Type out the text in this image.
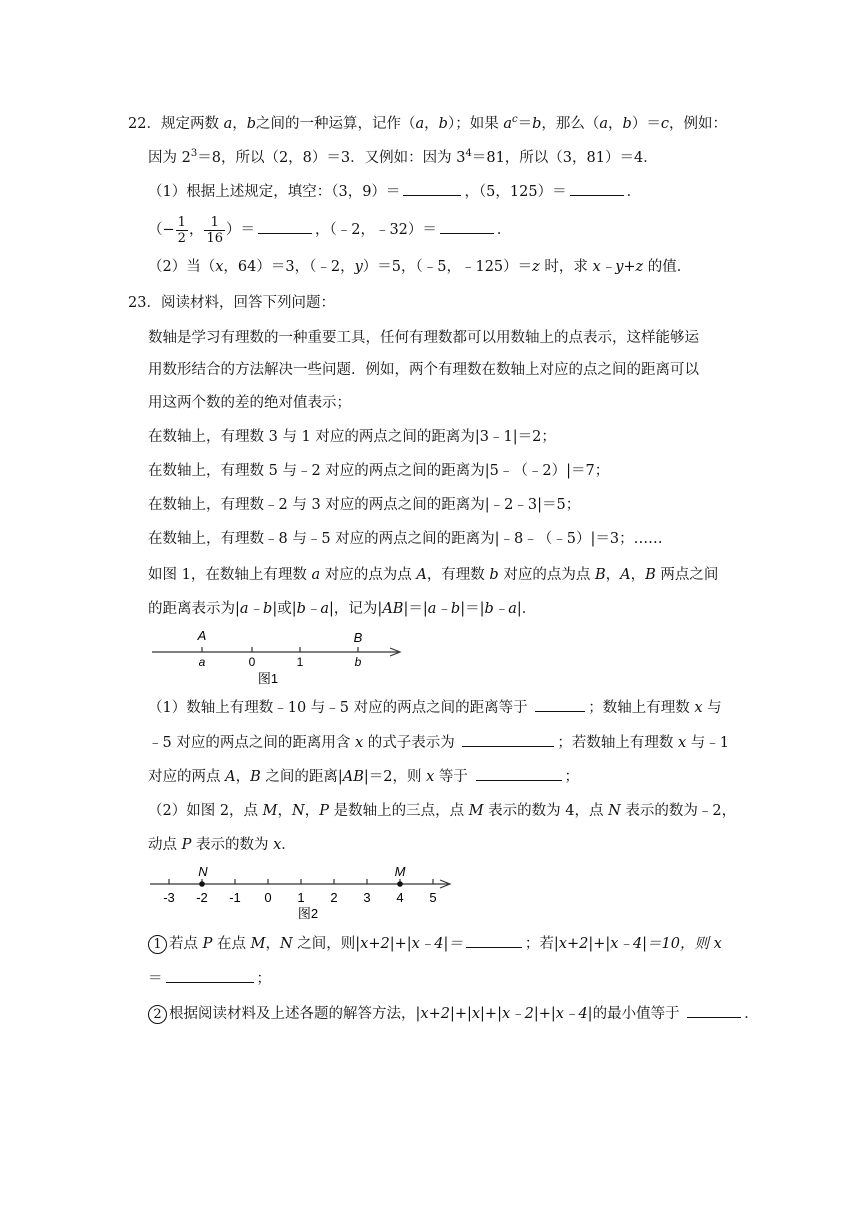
22．规定两数 a，b之间的一种运算，记作（a，b）；如果 $a^c=b$，那么（a，b）＝c，例如：
因为 $2^3=8$，所以（2，8）＝3．又例如：因为 $3^4=81$，所以（3，81）＝4．
（1）根据上述规定，填空：（3，9）＝	，（5，125）＝	．
（− $\frac{1}{2}$ ， $\frac{1}{16}$ ）＝	，（﹣2，﹣32）＝	．
（2）当（x，64）＝3，（﹣2，y）＝5，（﹣5，﹣125）＝z 时，求 x﹣y+z 的值．
23．阅读材料，回答下列问题：
数轴是学习有理数的一种重要工具，任何有理数都可以用数轴上的点表示，这样能够运
用数形结合的方法解决一些问题．例如，两个有理数在数轴上对应的点之间的距离可以
用这两个数的差的绝对值表示；
在数轴上，有理数 3 与 1 对应的两点之间的距离为|3﹣1|＝2；
在数轴上，有理数 5 与﹣2 对应的两点之间的距离为|5﹣（﹣2）|＝7；
在数轴上，有理数﹣2 与 3 对应的两点之间的距离为|﹣2﹣3|＝5；
在数轴上，有理数﹣8 与﹣5 对应的两点之间的距离为|﹣8﹣（﹣5）|＝3；……
如图 1，在数轴上有理数 a 对应的点为点 A，有理数 b 对应的点为点 B，A，B 两点之间
的距离表示为|a﹣b|或|b﹣a|，记为|AB|＝|a﹣b|＝|b﹣a|．
A	B
a	0	1	b
图1
（1）数轴上有理数﹣10 与﹣5 对应的两点之间的距离等于	；数轴上有理数 x 与
﹣5 对应的两点之间的距离用含 x 的式子表示为	；若数轴上有理数 x 与﹣1
对应的两点 A，B 之间的距离|AB|＝2，则 x 等于	；
（2）如图 2，点 M，N，P 是数轴上的三点，点 M 表示的数为 4，点 N 表示的数为﹣2，
动点 P 表示的数为 x．
-3 -2 -1 0 1 2 3 4 5
N	M
图2
1 若点 P 在点 M，N 之间，则|x+2|+|x﹣4|＝	；若|x+2|+|x﹣4|＝10，则 x
＝	；
2 根据阅读材料及上述各题的解答方法，|x+2|+|x|+|x﹣2|+|x﹣4|的最小值等于	．
